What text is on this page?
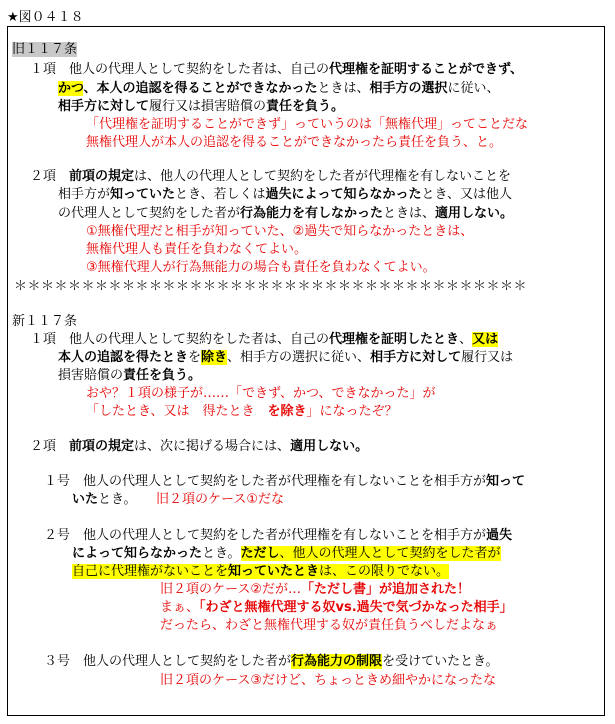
★図０４１８
旧１１７条
１項　 他人の代理人として契約をした者は、自己の代理権を証明することができず、
かつ、本人の追認を得ることができなかったときは、相手方の選択に従い、
相手方に対して履行又は損害賠償の責任を負う。
「代理権を証明することができず」っていうのは「無権代理」ってことだな
無権代理人が本人の追認を得ることができなかったら責任を負う、と。
２項　 前項の規定は、他人の代理人として契約をした者が代理権を有しないことを
相手方が知っていたとき、若しくは過失によって知らなかったとき、又は他人
の代理人として契約をした者が行為能力を有しなかったときは、適用しない。
①無権代理だと相手が知っていた、②過失で知らなかったときは、
無権代理人も責任を負わなくてよい。
③無権代理人が行為無能力の場合も責任を負わなくてよい。
＊＊＊＊＊＊＊＊＊＊＊＊＊＊＊＊＊＊＊＊＊＊＊＊＊＊＊＊＊＊＊＊＊＊＊＊＊＊
新１１７条
１項　 他人の代理人として契約をした者は、自己の代理権を証明したとき、又は
本人の追認を得たときを除き、相手方の選択に従い、相手方に対して履行又は
損害賠償の責任を負う。
おや？１項の様子が……「できず、かつ、できなかった」が
「したとき、又は　得たとき　を除き」になったぞ？
２項　 前項の規定は、次に掲げる場合には、適用しない。
１号　 他人の代理人として契約をした者が代理権を有しないことを相手方が知って
いたとき。　　 旧２項のケース①だな
２号　 他人の代理人として契約をした者が代理権を有しないことを相手方が過失
によって知らなかったとき。ただし、他人の代理人として契約をした者が
自己に代理権がないことを知っていたときは、この限りでない。
旧２項のケース②だが…「ただし書」が追加された！
まぁ、「わざと無権代理する奴vs.過失で気づかなった相手」
だったら、わざと無権代理する奴が責任負うべしだよなぁ
３号　 他人の代理人として契約をした者が行為能力の制限を受けていたとき。
旧２項のケース③だけど、ちょっときめ細やかになったな
